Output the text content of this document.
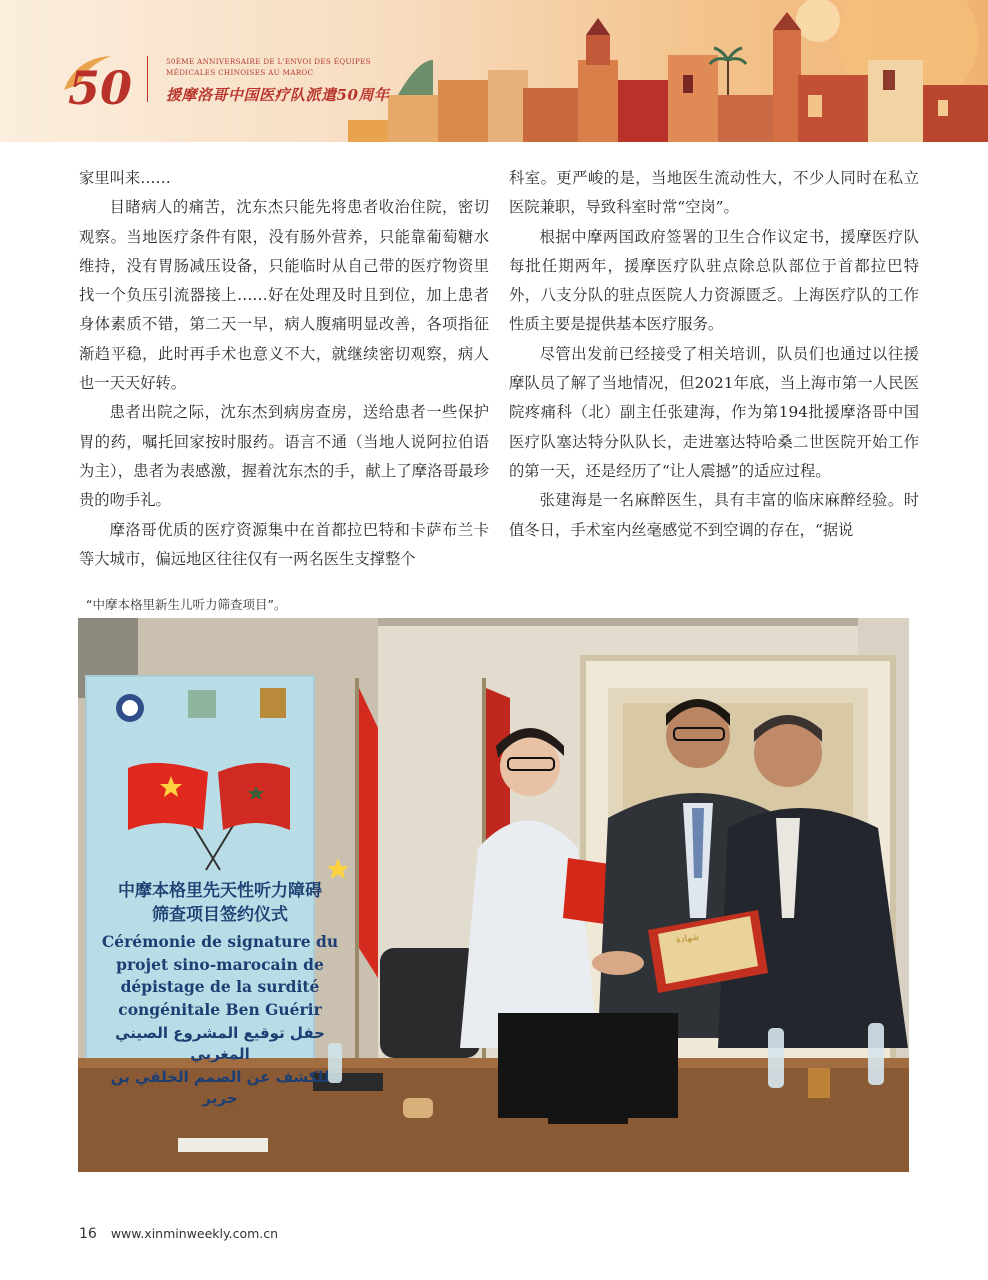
50	50ÈME ANNIVERSAIRE DE L'ENVOI DES ÉQUIPES
MÉDICALES CHINOISES AU MAROC
援摩洛哥中国医疗队派遣50周年

家里叫来……

目睹病人的痛苦，沈东杰只能先将患者收治住院，密切观察。当地医疗条件有限，没有肠外营养，只能靠葡萄糖水维持，没有胃肠减压设备，只能临时从自己带的医疗物资里找一个负压引流器接上……好在处理及时且到位，加上患者身体素质不错，第二天一早，病人腹痛明显改善，各项指征渐趋平稳，此时再手术也意义不大，就继续密切观察，病人也一天天好转。

患者出院之际，沈东杰到病房查房，送给患者一些保护胃的药，嘱托回家按时服药。语言不通（当地人说阿拉伯语为主），患者为表感激，握着沈东杰的手，献上了摩洛哥最珍贵的吻手礼。

摩洛哥优质的医疗资源集中在首都拉巴特和卡萨布兰卡等大城市，偏远地区往往仅有一两名医生支撑整个

科室。更严峻的是，当地医生流动性大，不少人同时在私立医院兼职，导致科室时常“空岗”。

根据中摩两国政府签署的卫生合作议定书，援摩医疗队每批任期两年，援摩医疗队驻点除总队部位于首都拉巴特外，八支分队的驻点医院人力资源匮乏。上海医疗队的工作性质主要是提供基本医疗服务。

尽管出发前已经接受了相关培训，队员们也通过以往援摩队员了解了当地情况，但2021年底，当上海市第一人民医院疼痛科（北）副主任张建海，作为第194批援摩洛哥中国医疗队塞达特分队队长，走进塞达特哈桑二世医院开始工作的第一天，还是经历了“让人震撼”的适应过程。

张建海是一名麻醉医生，具有丰富的临床麻醉经验。时值冬日，手术室内丝毫感觉不到空调的存在，“据说

“中摩本格里新生儿听力筛查项目”。
中摩本格里先天性听力障碍
筛查项目签约仪式
Cérémonie de signature du projet sino-marocain de dépistage de la surdité congénitale Ben Guérir
حفل توقيع المشروع الصيني المغربي
للكشف عن الصمم الخلقي بن جرير
شهادة
16 www.xinminweekly.com.cn
